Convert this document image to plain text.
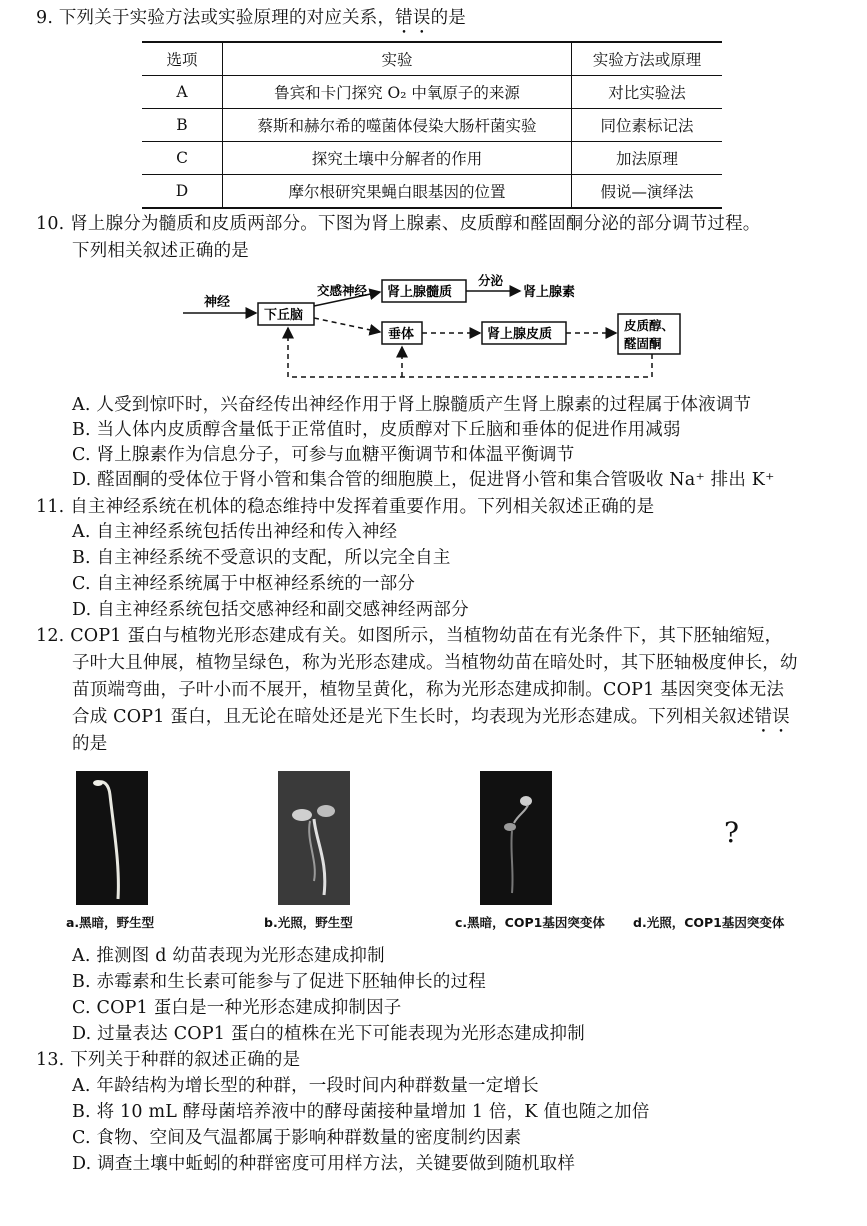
9. 下列关于实验方法或实验原理的对应关系，错误的是
选项	实验	实验方法或原理
A	鲁宾和卡门探究 O₂ 中氧原子的来源	对比实验法
B	蔡斯和赫尔希的噬菌体侵染大肠杆菌实验	同位素标记法
C	探究土壤中分解者的作用	加法原理
D	摩尔根研究果蝇白眼基因的位置	假说—演绎法
10. 肾上腺分为髓质和皮质两部分。下图为肾上腺素、皮质醇和醛固酮分泌的部分调节过程。
下列相关叙述正确的是
神经
下丘脑
交感神经 肾上腺髓质
分泌
肾上腺素
垂体	肾上腺皮质
皮质醇、
醛固酮
A. 人受到惊吓时，兴奋经传出神经作用于肾上腺髓质产生肾上腺素的过程属于体液调节
B. 当人体内皮质醇含量低于正常值时，皮质醇对下丘脑和垂体的促进作用减弱
C. 肾上腺素作为信息分子，可参与血糖平衡调节和体温平衡调节
D. 醛固酮的受体位于肾小管和集合管的细胞膜上，促进肾小管和集合管吸收 Na⁺ 排出 K⁺
11. 自主神经系统在机体的稳态维持中发挥着重要作用。下列相关叙述正确的是
A. 自主神经系统包括传出神经和传入神经
B. 自主神经系统不受意识的支配，所以完全自主
C. 自主神经系统属于中枢神经系统的一部分
D. 自主神经系统包括交感神经和副交感神经两部分
12. COP1 蛋白与植物光形态建成有关。如图所示，当植物幼苗在有光条件下，其下胚轴缩短，
子叶大且伸展，植物呈绿色，称为光形态建成。当植物幼苗在暗处时，其下胚轴极度伸长，幼
苗顶端弯曲，子叶小而不展开，植物呈黄化，称为光形态建成抑制。COP1 基因突变体无法
合成 COP1 蛋白，且无论在暗处还是光下生长时，均表现为光形态建成。下列相关叙述错误
的是
?
a.黑暗，野生型	b.光照，野生型	c.黑暗，COP1基因突变体 d.光照，COP1基因突变体
A. 推测图 d 幼苗表现为光形态建成抑制
B. 赤霉素和生长素可能参与了促进下胚轴伸长的过程
C. COP1 蛋白是一种光形态建成抑制因子
D. 过量表达 COP1 蛋白的植株在光下可能表现为光形态建成抑制
13. 下列关于种群的叙述正确的是
A. 年龄结构为增长型的种群，一段时间内种群数量一定增长
B. 将 10 mL 酵母菌培养液中的酵母菌接种量增加 1 倍，K 值也随之加倍
C. 食物、空间及气温都属于影响种群数量的密度制约因素
D. 调查土壤中蚯蚓的种群密度可用样方法，关键要做到随机取样
